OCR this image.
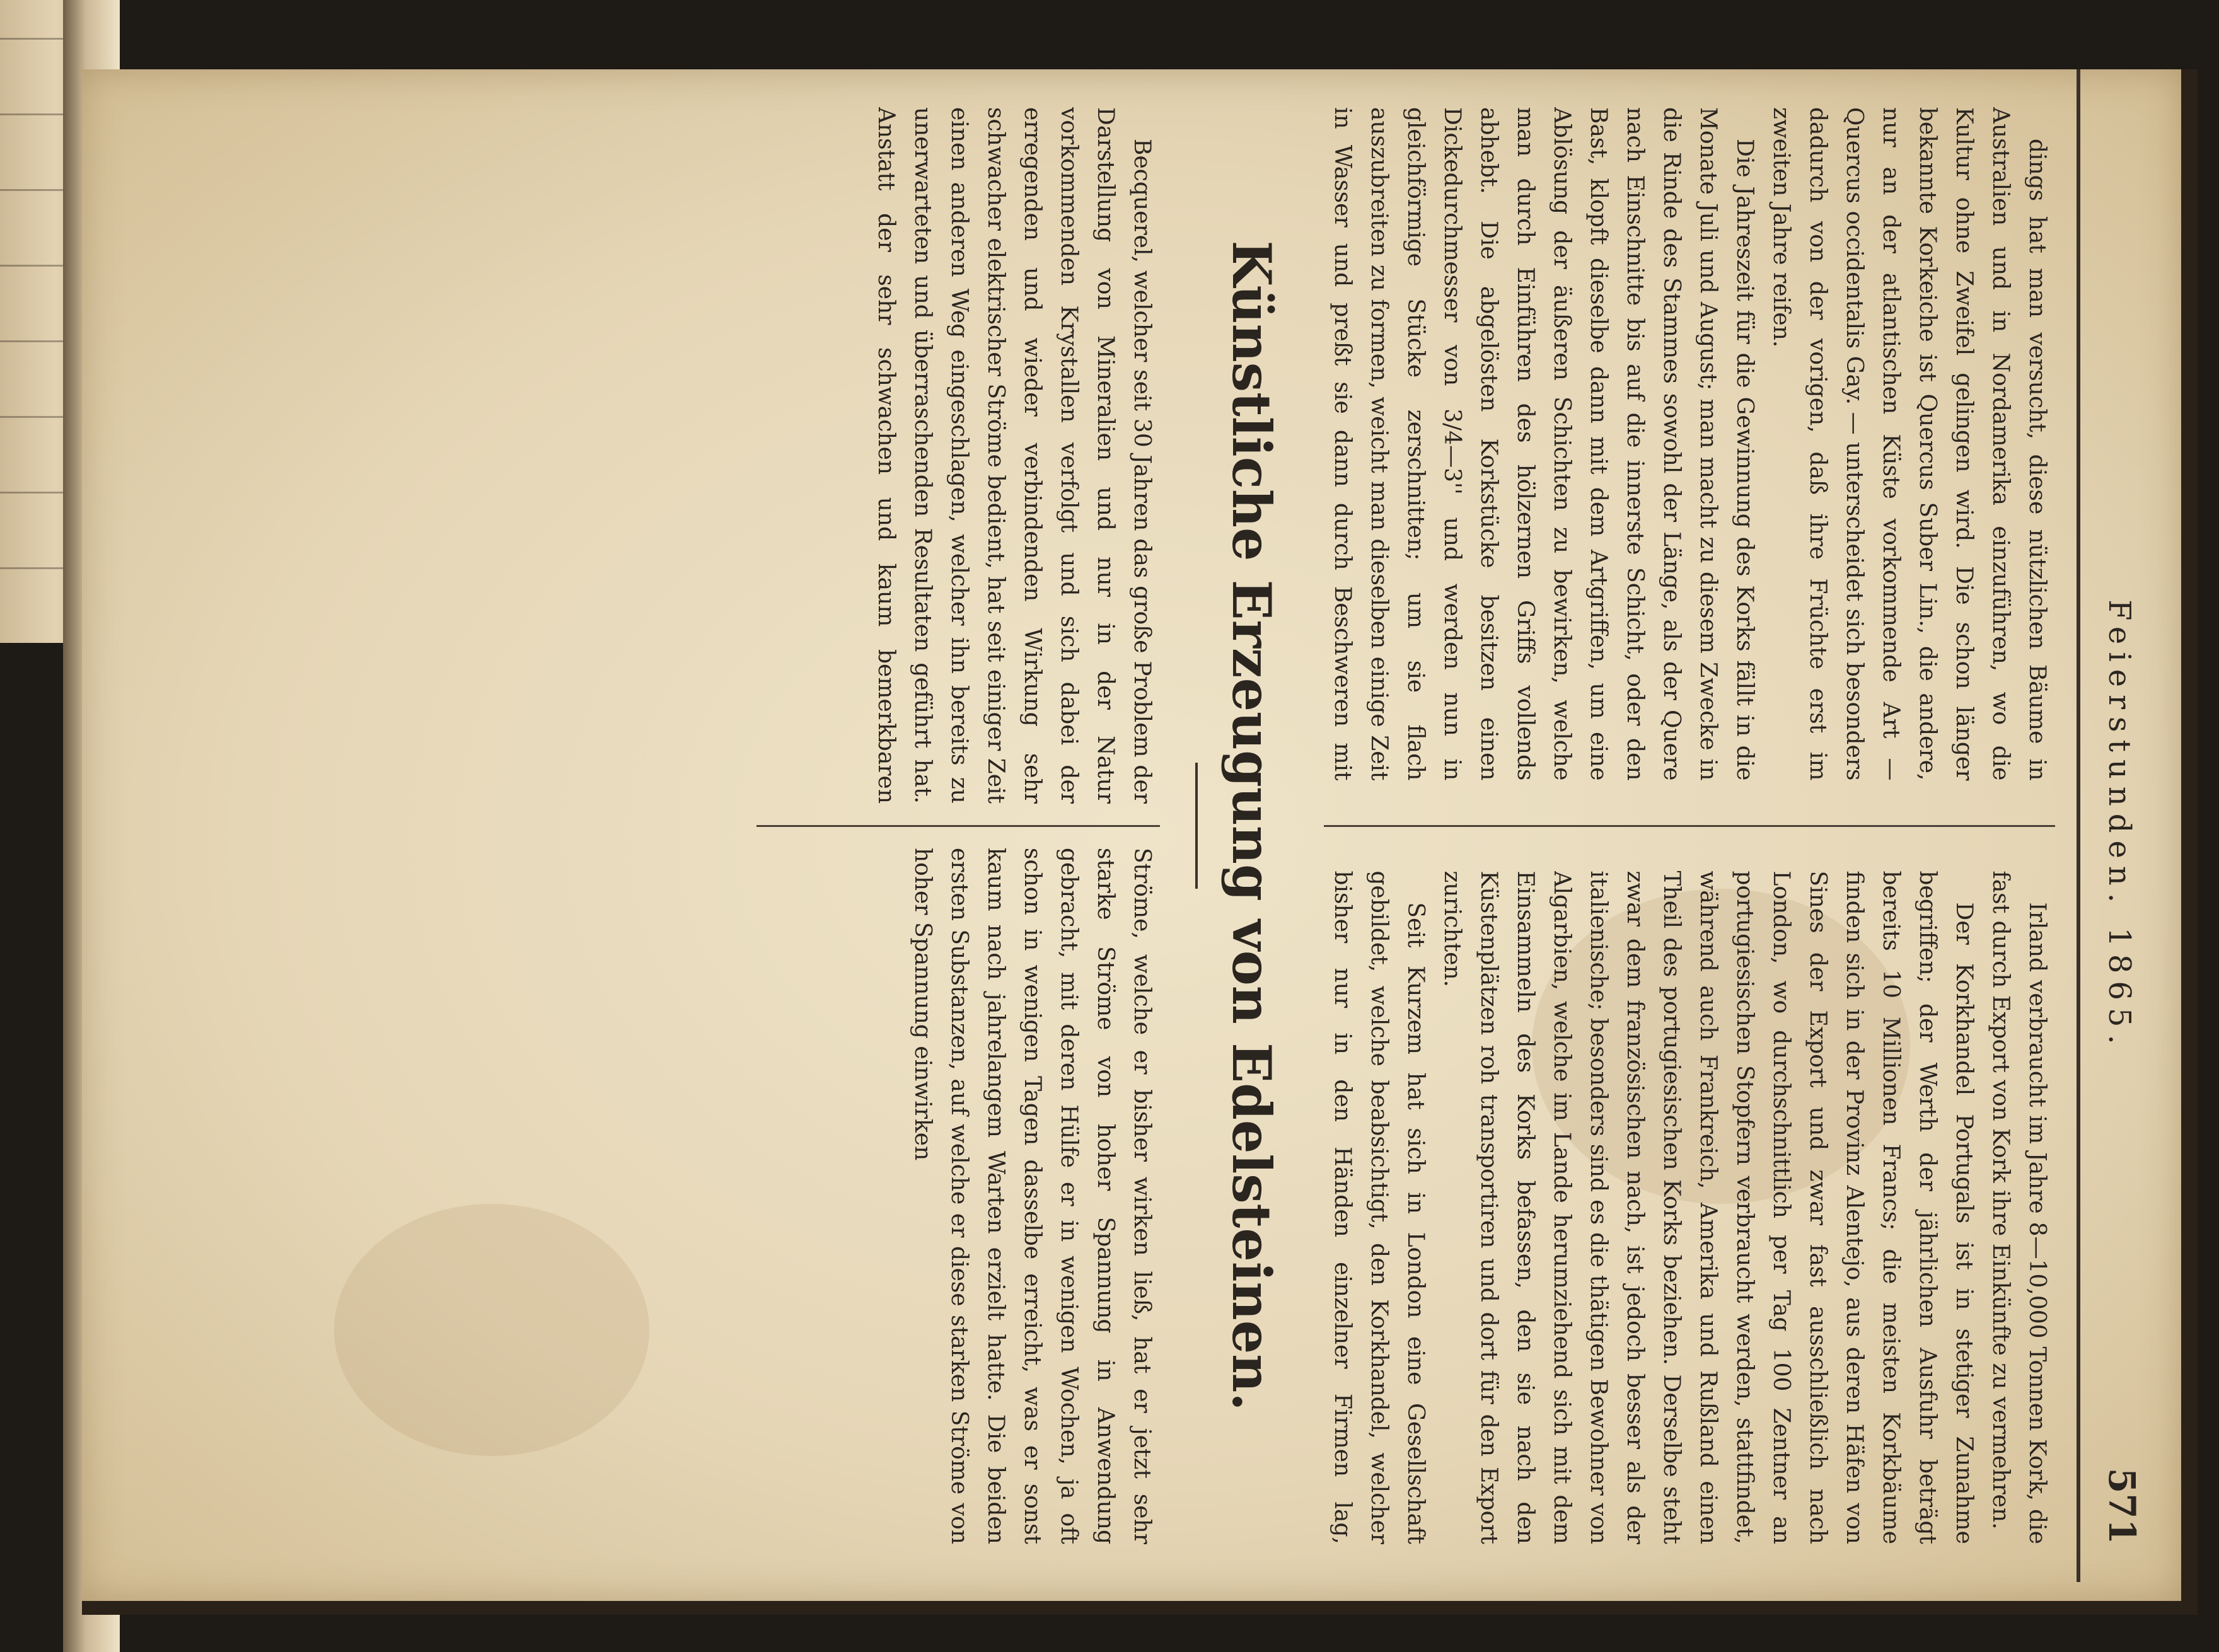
Feierstunden. 1865.
571

dings hat man versucht, diese nützlichen Bäume in Australien und in Nordamerika einzuführen, wo die Kultur ohne Zweifel gelingen wird. Die schon länger bekannte Korkeiche ist Quercus Suber Lin., die andere, nur an der atlantischen Küste vorkommende Art — Quercus occidentalis Gay. — unterscheidet sich besonders dadurch von der vorigen, daß ihre Früchte erst im zweiten Jahre reifen.

Die Jahreszeit für die Gewinnung des Korks fällt in die Monate Juli und August; man macht zu diesem Zwecke in die Rinde des Stammes sowohl der Länge, als der Quere nach Einschnitte bis auf die innerste Schicht, oder den Bast, klopft dieselbe dann mit dem Artgriffen, um eine Ablösung der äußeren Schichten zu bewirken, welche man durch Einführen des hölzernen Griffs vollends abhebt. Die abgelösten Korkstücke besitzen einen Dickedurchmesser von 3/4—3'' und werden nun in gleichförmige Stücke zerschnitten; um sie flach auszubreiten zu formen, weicht man dieselben einige Zeit in Wasser und preßt sie dann durch Beschweren mit

Irland verbraucht im Jahre 8—10,000 Tonnen Kork, die fast durch Export von Kork ihre Einkünfte zu vermehren.

Der Korkhandel Portugals ist in stetiger Zunahme begriffen; der Werth der jährlichen Ausfuhr beträgt bereits 10 Millionen Francs; die meisten Korkbäume finden sich in der Provinz Alentejo, aus deren Häfen von Sines der Export und zwar fast ausschließlich nach London, wo durchschnittlich per Tag 100 Zentner an portugiesischen Stopfern verbraucht werden, stattfindet, während auch Frankreich, Amerika und Rußland einen Theil des portugiesischen Korks beziehen. Derselbe steht zwar dem französischen nach, ist jedoch besser als der italienische; besonders sind es die thätigen Bewohner von Algarbien, welche im Lande herumziehend sich mit dem Einsammeln des Korks befassen, den sie nach den Küstenplätzen roh transportiren und dort für den Export zurichten.

Seit Kurzem hat sich in London eine Gesellschaft gebildet, welche beabsichtigt, den Korkhandel, welcher bisher nur in den Händen einzelner Firmen lag,

Künstliche Erzeugung von Edelsteinen.

Becquerel, welcher seit 30 Jahren das große Problem der Darstellung von Mineralien und nur in der Natur vorkommenden Krystallen verfolgt und sich dabei der erregenden und wieder verbindenden Wirkung sehr schwacher elektrischer Ströme bedient, hat seit einiger Zeit einen anderen Weg eingeschlagen, welcher ihn bereits zu unerwarteten und überraschenden Resultaten geführt hat. Anstatt der sehr schwachen und kaum bemerkbaren Ströme, welche er bisher wirken ließ, hat er jetzt sehr starke Ströme von hoher Spannung in Anwendung gebracht, mit deren Hülfe er in wenigen Wochen, ja oft schon in wenigen Tagen dasselbe erreicht, was er sonst kaum nach jahrelangem Warten erzielt hatte. Die beiden ersten Substanzen, auf welche er diese starken Ströme von hoher Spannung einwirken
